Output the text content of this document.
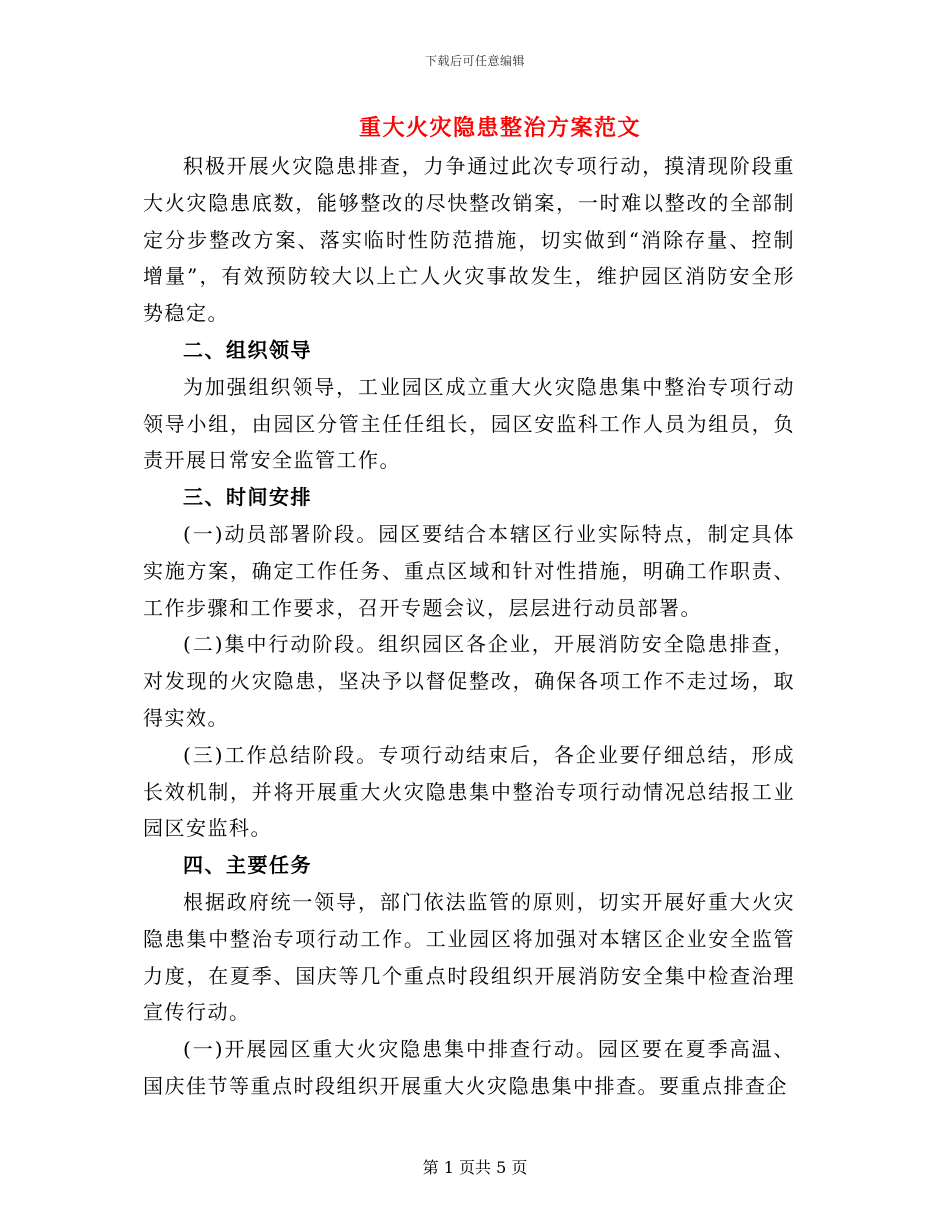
下载后可任意编辑
重大火灾隐患整治方案范文

积极开展火灾隐患排查，力争通过此次专项行动，摸清现阶段重大火灾隐患底数，能够整改的尽快整改销案，一时难以整改的全部制定分步整改方案、落实临时性防范措施，切实做到“消除存量、控制增量”，有效预防较大以上亡人火灾事故发生，维护园区消防安全形势稳定。

二、组织领导

为加强组织领导，工业园区成立重大火灾隐患集中整治专项行动领导小组，由园区分管主任任组长，园区安监科工作人员为组员，负责开展日常安全监管工作。

三、时间安排

(一)动员部署阶段。园区要结合本辖区行业实际特点，制定具体实施方案，确定工作任务、重点区域和针对性措施，明确工作职责、工作步骤和工作要求，召开专题会议，层层进行动员部署。

(二)集中行动阶段。组织园区各企业，开展消防安全隐患排查，对发现的火灾隐患，坚决予以督促整改，确保各项工作不走过场，取得实效。

(三)工作总结阶段。专项行动结束后，各企业要仔细总结，形成长效机制，并将开展重大火灾隐患集中整治专项行动情况总结报工业园区安监科。

四、主要任务

根据政府统一领导，部门依法监管的原则，切实开展好重大火灾隐患集中整治专项行动工作。工业园区将加强对本辖区企业安全监管力度，在夏季、国庆等几个重点时段组织开展消防安全集中检查治理宣传行动。

(一)开展园区重大火灾隐患集中排查行动。园区要在夏季高温、国庆佳节等重点时段组织开展重大火灾隐患集中排查。要重点排查企

第 1 页共 5 页
